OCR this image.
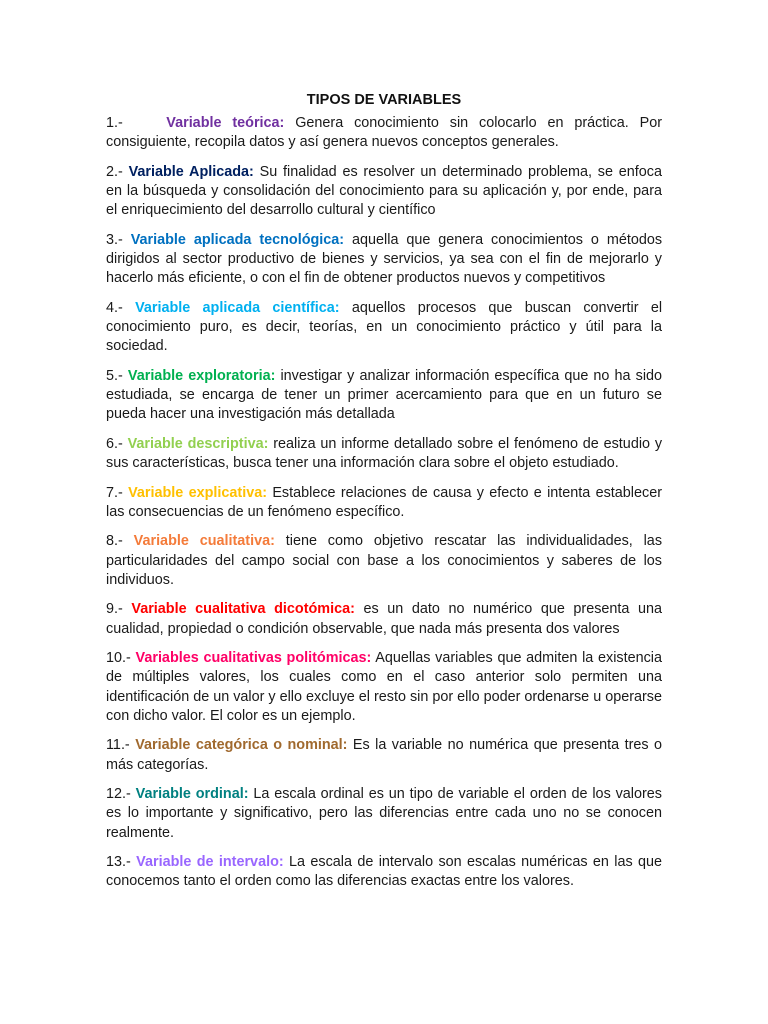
TIPOS DE VARIABLES

1.-	Variable teórica: Genera conocimiento sin colocarlo en práctica. Por consiguiente, recopila datos y así genera nuevos conceptos generales.

2.- Variable Aplicada: Su finalidad es resolver un determinado problema, se enfoca en la búsqueda y consolidación del conocimiento para su aplicación y, por ende, para el enriquecimiento del desarrollo cultural y científico

3.- Variable aplicada tecnológica: aquella que genera conocimientos o métodos dirigidos al sector productivo de bienes y servicios, ya sea con el fin de mejorarlo y hacerlo más eficiente, o con el fin de obtener productos nuevos y competitivos

4.- Variable aplicada científica: aquellos procesos que buscan convertir el conocimiento puro, es decir, teorías, en un conocimiento práctico y útil para la sociedad.

5.- Variable exploratoria: investigar y analizar información específica que no ha sido estudiada, se encarga de tener un primer acercamiento para que en un futuro se pueda hacer una investigación más detallada

6.- Variable descriptiva: realiza un informe detallado sobre el fenómeno de estudio y sus características, busca tener una información clara sobre el objeto estudiado.

7.- Variable explicativa: Establece relaciones de causa y efecto e intenta establecer las consecuencias de un fenómeno específico.

8.- Variable cualitativa: tiene como objetivo rescatar las individualidades, las particularidades del campo social con base a los conocimientos y saberes de los individuos.

9.- Variable cualitativa dicotómica: es un dato no numérico que presenta una cualidad, propiedad o condición observable, que nada más presenta dos valores

10.- Variables cualitativas politómicas: Aquellas variables que admiten la existencia de múltiples valores, los cuales como en el caso anterior solo permiten una identificación de un valor y ello excluye el resto sin por ello poder ordenarse u operarse con dicho valor. El color es un ejemplo.

11.- Variable categórica o nominal: Es la variable no numérica que presenta tres o más categorías.

12.- Variable ordinal: La escala ordinal es un tipo de variable el orden de los valores es lo importante y significativo, pero las diferencias entre cada uno no se conocen realmente.

13.- Variable de intervalo: La escala de intervalo son escalas numéricas en las que conocemos tanto el orden como las diferencias exactas entre los valores.
